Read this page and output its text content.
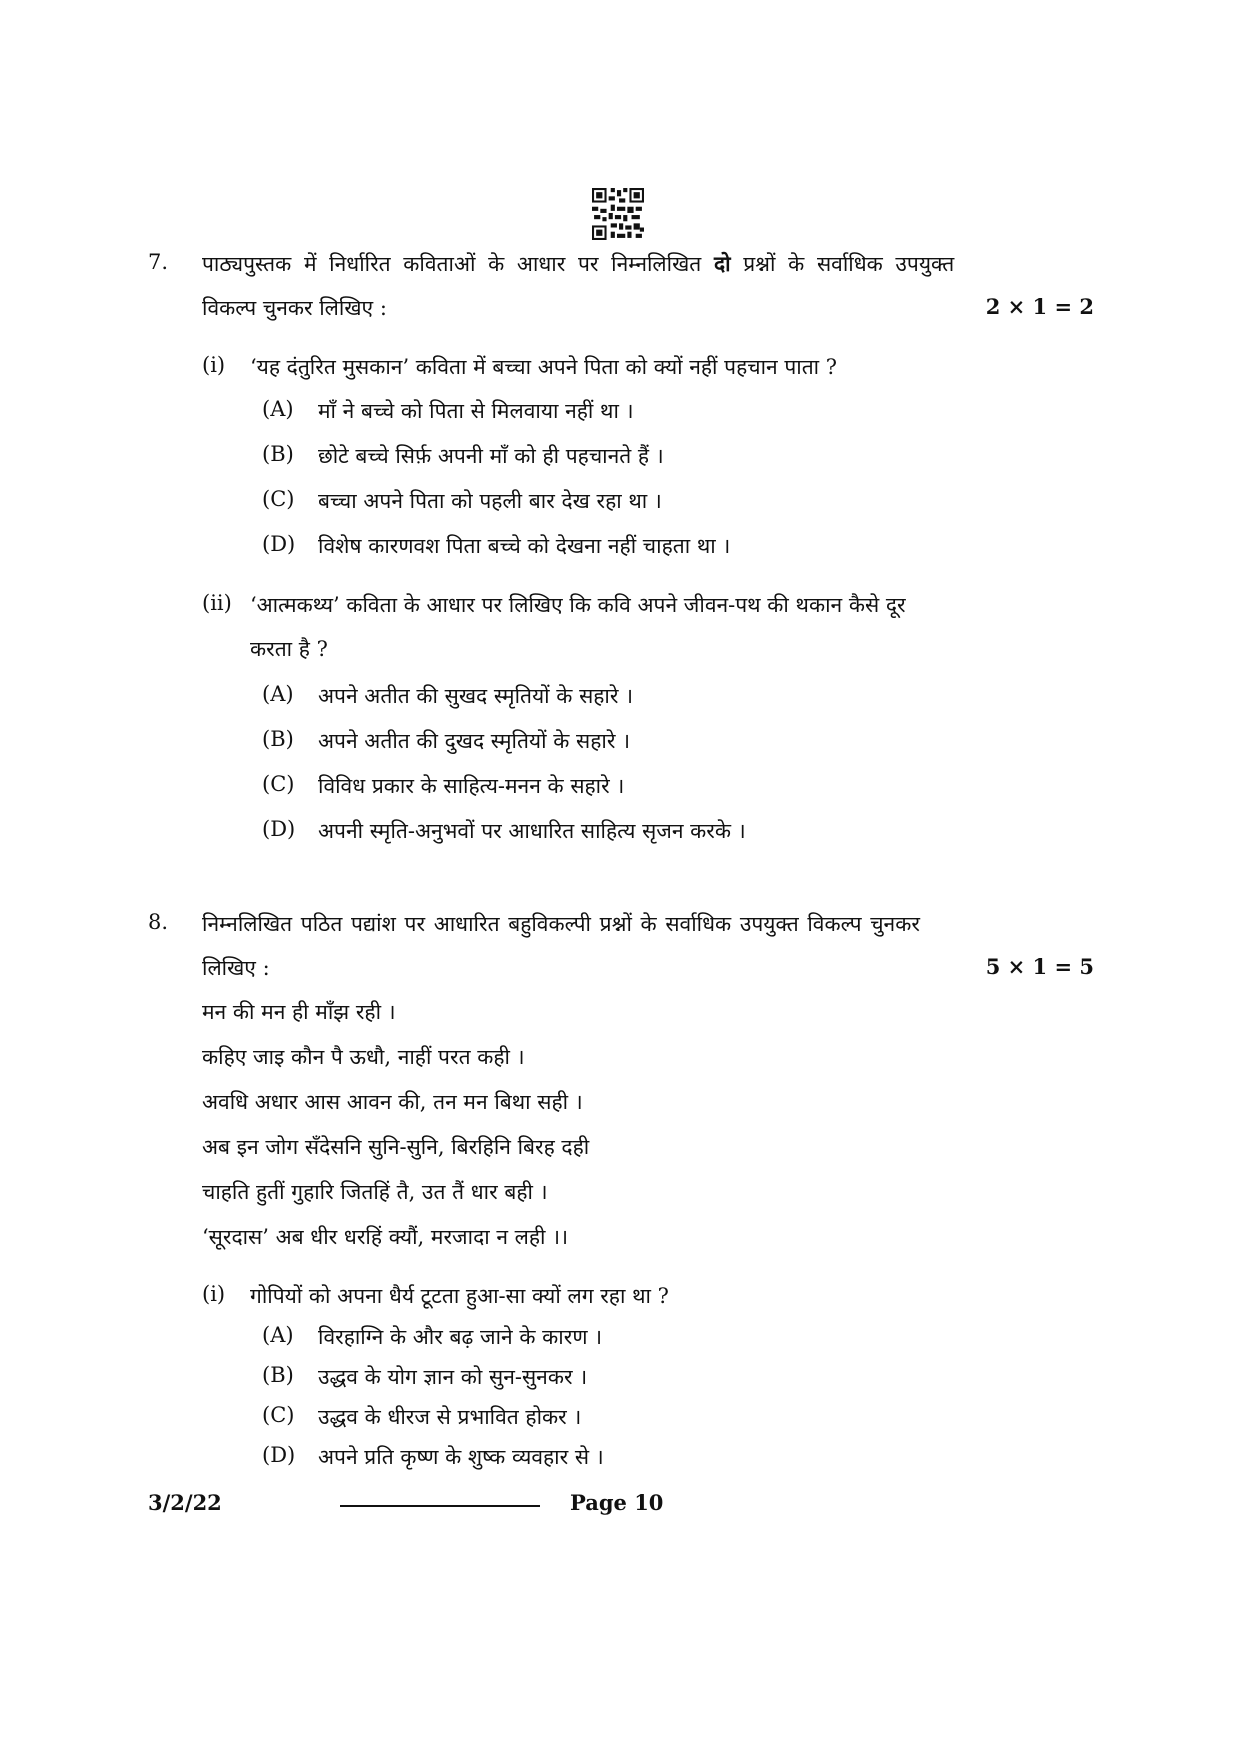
7. पाठ्यपुस्तक में निर्धारित कविताओं के आधार पर निम्नलिखित दो प्रश्नों के सर्वाधिक उपयुक्त
विकल्प चुनकर लिखिए :	2 × 1 = 2
(i) ‘यह दंतुरित मुसकान’ कविता में बच्चा अपने पिता को क्यों नहीं पहचान पाता ?
(A) माँ ने बच्चे को पिता से मिलवाया नहीं था ।
(B) छोटे बच्चे सिर्फ़ अपनी माँ को ही पहचानते हैं ।
(C) बच्चा अपने पिता को पहली बार देख रहा था ।
(D) विशेष कारणवश पिता बच्चे को देखना नहीं चाहता था ।
(ii) ‘आत्मकथ्य’ कविता के आधार पर लिखिए कि कवि अपने जीवन-पथ की थकान कैसे दूर
करता है ?
(A) अपने अतीत की सुखद स्मृतियों के सहारे ।
(B) अपने अतीत की दुखद स्मृतियों के सहारे ।
(C) विविध प्रकार के साहित्य-मनन के सहारे ।
(D) अपनी स्मृति-अनुभवों पर आधारित साहित्य सृजन करके ।
8. निम्नलिखित पठित पद्यांश पर आधारित बहुविकल्पी प्रश्नों के सर्वाधिक उपयुक्त विकल्प चुनकर
लिखिए :	5 × 1 = 5
मन की मन ही माँझ रही ।
कहिए जाइ कौन पै ऊधौ, नाहीं परत कही ।
अवधि अधार आस आवन की, तन मन बिथा सही ।
अब इन जोग सँदेसनि सुनि-सुनि, बिरहिनि बिरह दही
चाहति हुतीं गुहारि जितहिं तै, उत तैं धार बही ।
‘सूरदास’ अब धीर धरहिं क्यौं, मरजादा न लही ।।
(i) गोपियों को अपना धैर्य टूटता हुआ-सा क्यों लग रहा था ?
(A) विरहाग्नि के और बढ़ जाने के कारण ।
(B) उद्धव के योग ज्ञान को सुन-सुनकर ।
(C) उद्धव के धीरज से प्रभावित होकर ।
(D) अपने प्रति कृष्ण के शुष्क व्यवहार से ।
3/2/22	Page 10
